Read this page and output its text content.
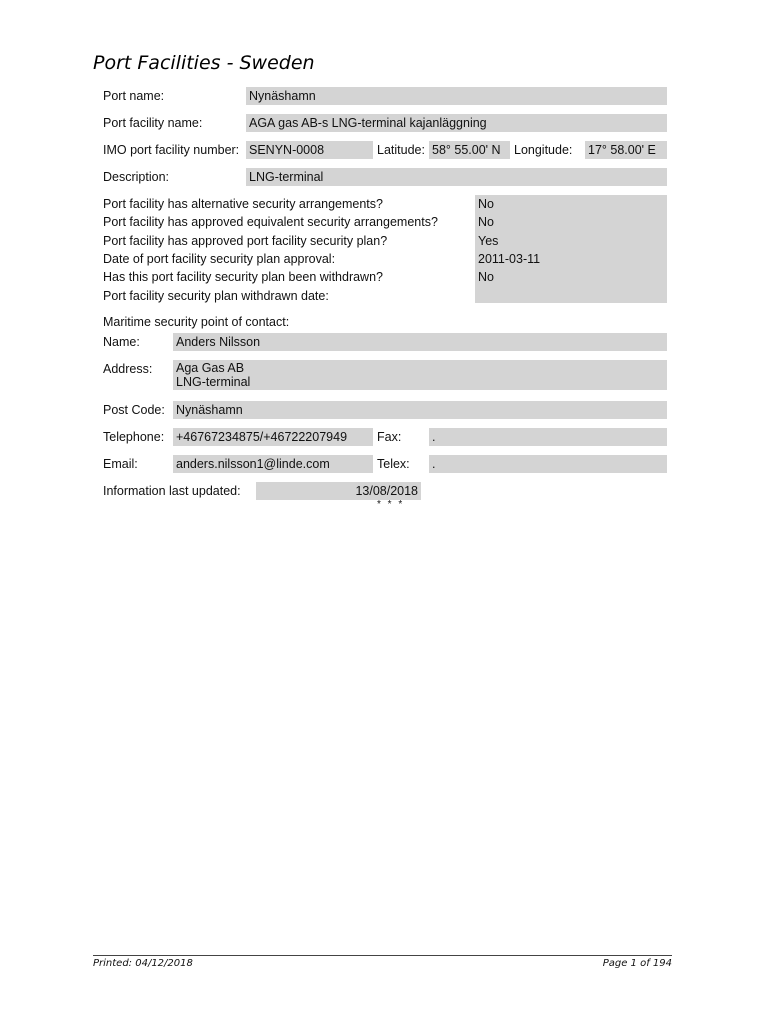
Port Facilities - Sweden
Port name:	Nynäshamn
Port facility name:	AGA gas AB-s LNG-terminal kajanläggning
IMO port facility number: SENYN-0008	Latitude: 58° 55.00' N	Longitude: 17° 58.00' E
Description:	LNG-terminal
Port facility has alternative security arrangements?	No
Port facility has approved equivalent security arrangements?	No
Port facility has approved port facility security plan?	Yes
Date of port facility security plan approval:	2011-03-11
Has this port facility security plan been withdrawn?	No
Port facility security plan withdrawn date:
Maritime security point of contact:
Name:	Anders Nilsson
Address: Aga Gas AB
LNG-terminal
Post Code: Nynäshamn
Telephone: +46767234875/+46722207949	Fax: .
Email:	anders.nilsson1@linde.com	Telex: .
Information last updated:	13/08/2018
* * *
Printed: 04/12/2018	Page 1 of 194
